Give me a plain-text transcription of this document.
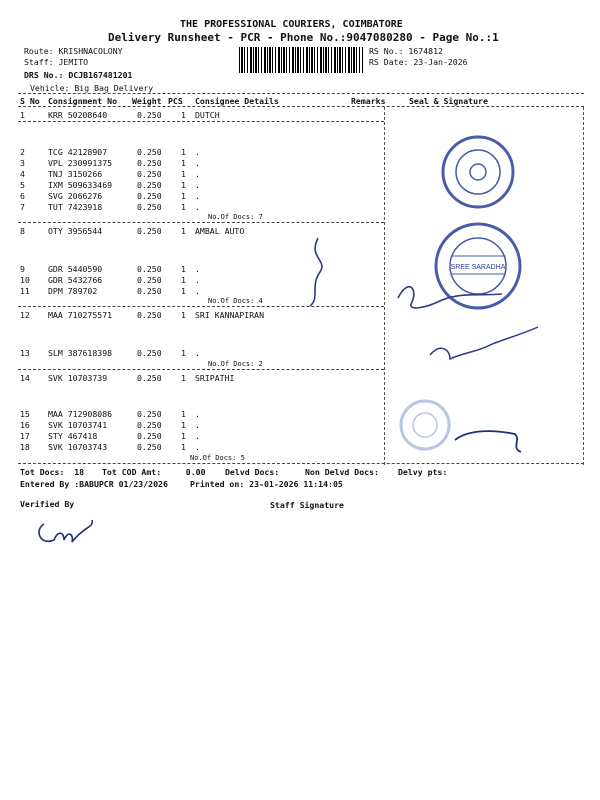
THE PROFESSIONAL COURIERS, COIMBATORE
Delivery Runsheet - PCR - Phone No.:9047080280 - Page No.:1
Route: KRISHNACOLONY
Staff: JEMITO
DRS No.: DCJB167481201
Vehicle: Big Bag Delivery
RS No.: 1674812
RS Date: 23-Jan-2026
S No Consignment No Weight PCS Consignee Details	Remarks	Seal & Signature
1	KRR 50208640	0.250 1 DUTCH
2	TCG 42128907	0.250 1 .
3	VPL 230991375	0.250 1 .
4	TNJ 3150266	0.250 1 .
5	IXM 509633469	0.250 1 .
6	SVG 2066276	0.250 1 .
7	TUT 7423918	0.250 1 .
No.Of Docs: 7
8	OTY 3956544	0.250 1 AMBAL AUTO
9	GDR 5440590	0.250 1 .
10 GDR 5432766	0.250 1 .
11 DPM 789702	0.250 1 .
No.Of Docs: 4
12 MAA 710275571	0.250 1 SRI KANNAPIRAN
13 SLM 387618398	0.250 1 .
No.Of Docs: 2
14 SVK 10703739	0.250 1 SRIPATHI
15 MAA 712908086	0.250 1 .
16 SVK 10703741	0.250 1 .
17 STY 467418	0.250 1 .
18 SVK 10703743	0.250 1 .
No.Of Docs: 5
SREE SARADHA
Tot Docs:  18 Tot COD Amt:     0.00 Delvd Docs:	Non Delvd Docs: Delvy pts:
Entered By :BABUPCR 01/23/2026	Printed on: 23-01-2026 11:14:05
Verified By	Staff Signature
